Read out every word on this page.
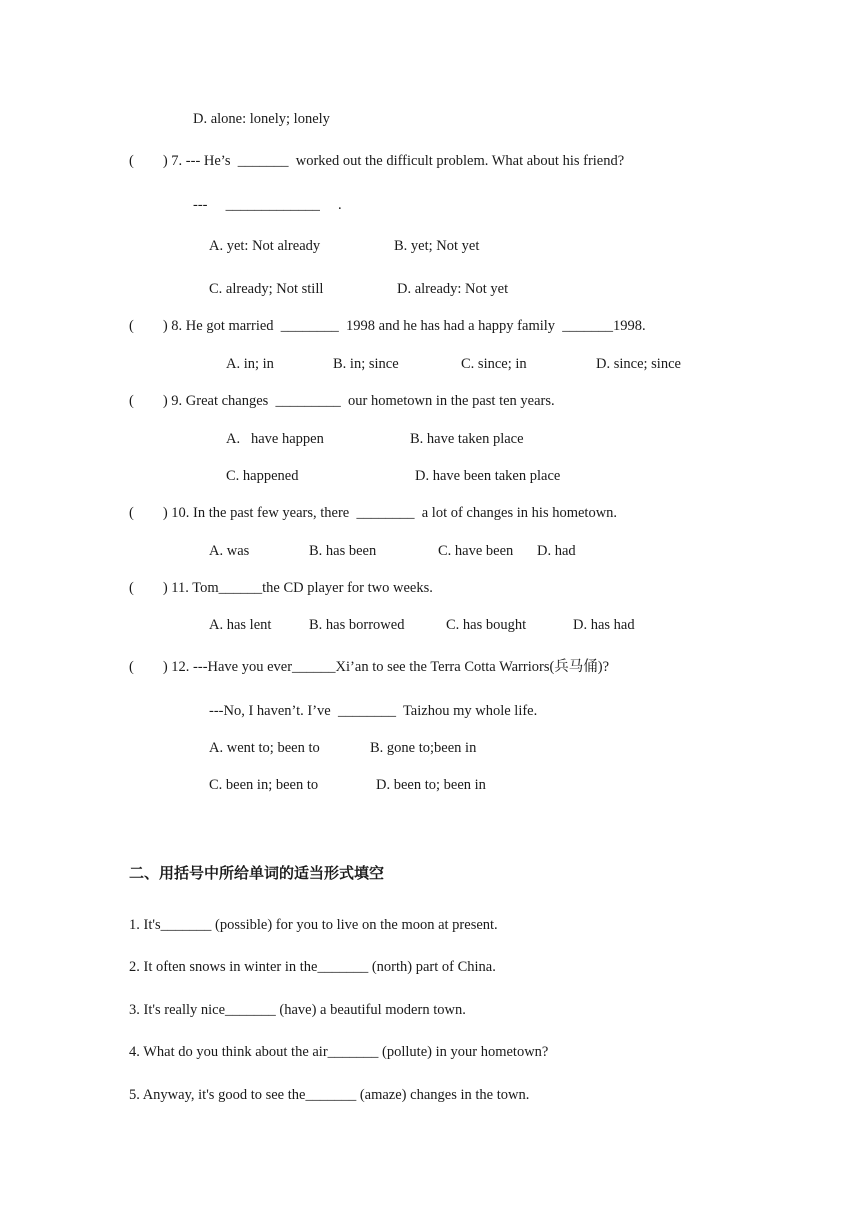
D. alone: lonely; lonely
(        ) 7. --- He’s  _______  worked out the difficult problem. What about his friend?
---     _____________     .
A. yet: Not already	B. yet; Not yet
C. already; Not still	D. already: Not yet
(        ) 8. He got married  ________  1998 and he has had a happy family  _______1998.
A. in; in	B. in; since	C. since; in	D. since; since
(        ) 9. Great changes  _________  our hometown in the past ten years.
A.   have happen	B. have taken place
C. happened	D. have been taken place
(        ) 10. In the past few years, there  ________  a lot of changes in his hometown.
A. was	B. has been	C. have been D. had
(        ) 11. Tom______the CD player for two weeks.
A. has lent	B. has borrowed	C. has bought	D. has had
(        ) 12. ---Have you ever______Xi’an to see the Terra Cotta Warriors(兵马俑)?
---No, I haven’t. I’ve  ________  Taizhou my whole life.
A. went to; been to	B. gone to;been in
C. been in; been to	D. been to; been in
二、用括号中所给单词的适当形式填空
1. It's_______ (possible) for you to live on the moon at present.
2. It often snows in winter in the_______ (north) part of China.
3. It's really nice_______ (have) a beautiful modern town.
4. What do you think about the air_______ (pollute) in your hometown?
5. Anyway, it's good to see the_______ (amaze) changes in the town.
